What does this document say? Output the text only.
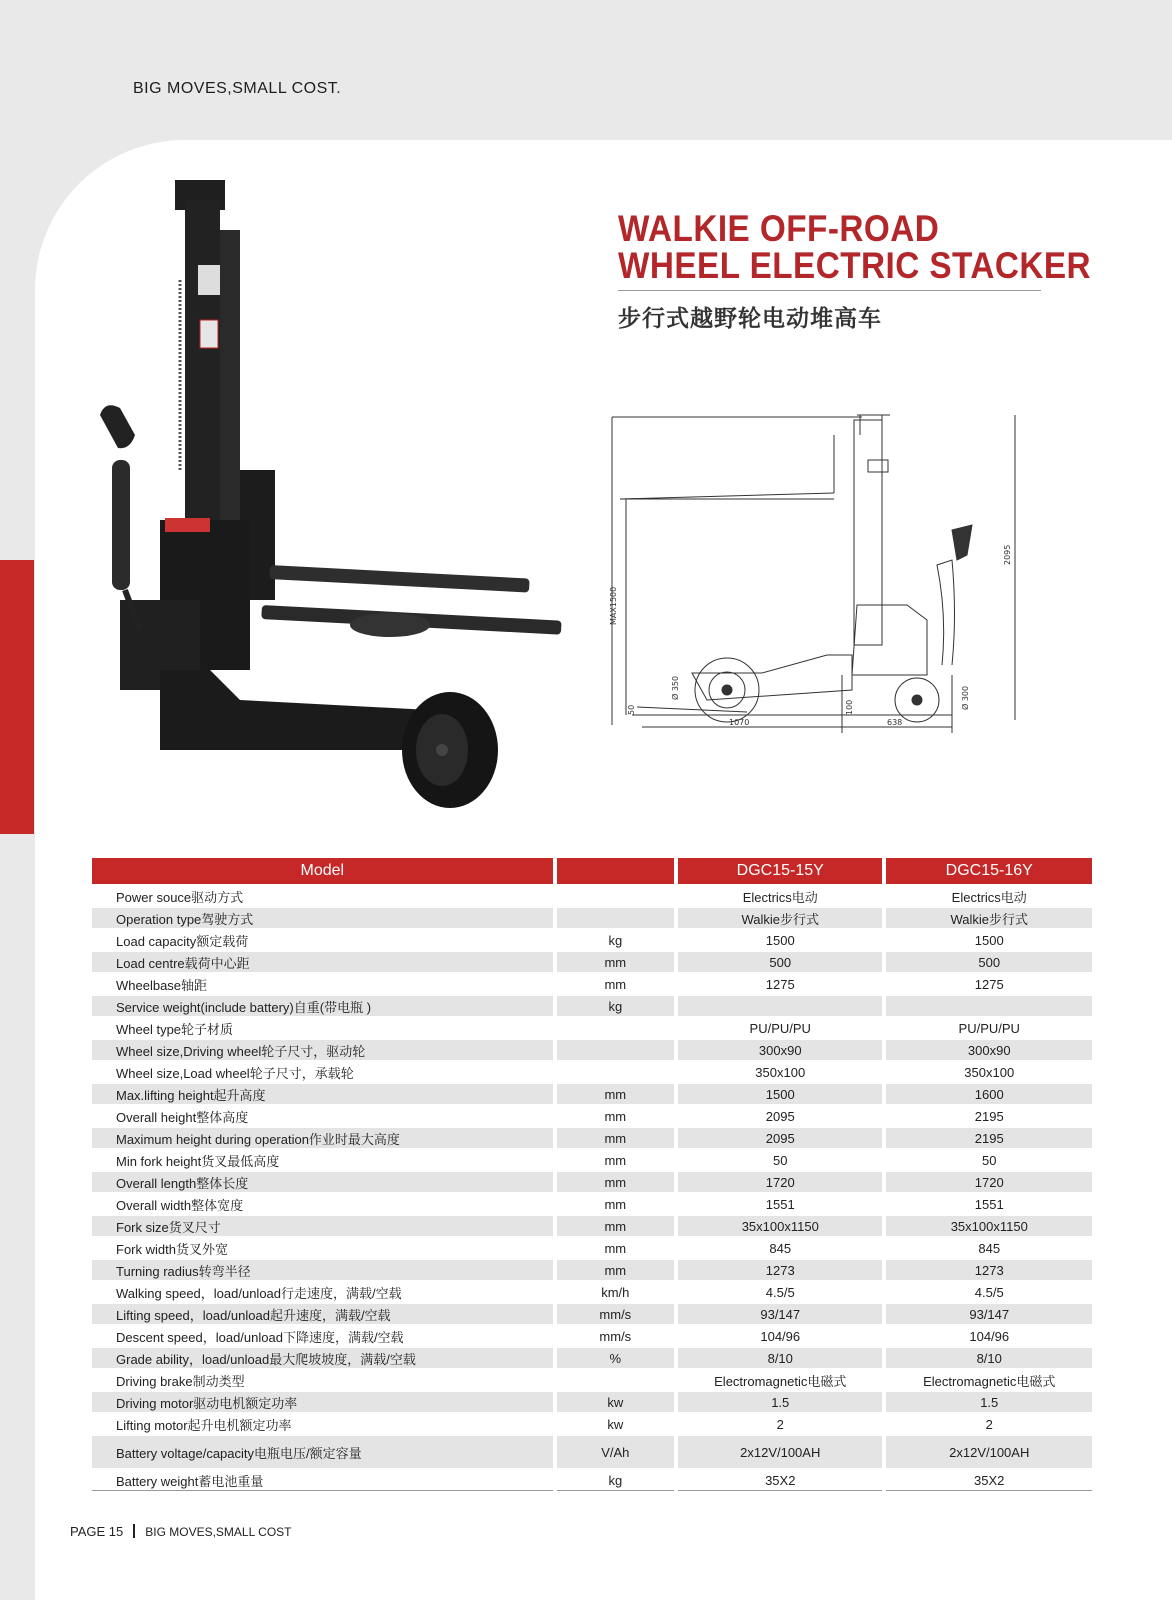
BIG MOVES,SMALL COST.
WALKIE OFF-ROAD
WHEEL ELECTRIC STACKER
步行式越野轮电动堆高车
MAX1500
2095
Ø 350	Ø 300
50	100
1070	638
Model		DGC15-15Y	DGC15-16Y
Power souce驱动方式		Electrics电动	Electrics电动
Operation type驾驶方式		Walkie步行式	Walkie步行式
Load capacity额定载荷	kg	1500	1500
Load centre载荷中心距	mm	500	500
Wheelbase轴距	mm	1275	1275
Service weight(include battery)自重(带电瓶 )	kg		
Wheel type轮子材质		PU/PU/PU	PU/PU/PU
Wheel size,Driving wheel轮子尺寸，驱动轮		300x90	300x90
Wheel size,Load wheel轮子尺寸，承载轮		350x100	350x100
Max.lifting height起升高度	mm	1500	1600
Overall height整体高度	mm	2095	2195
Maximum height during operation作业时最大高度	mm	2095	2195
Min fork height货叉最低高度	mm	50	50
Overall length整体长度	mm	1720	1720
Overall width整体宽度	mm	1551	1551
Fork size货叉尺寸	mm	35x100x1150	35x100x1150
Fork width货叉外宽	mm	845	845
Turning radius转弯半径	mm	1273	1273
Walking speed，load/unload行走速度，满载/空载	km/h	4.5/5	4.5/5
Lifting speed，load/unload起升速度，满载/空载	mm/s	93/147	93/147
Descent speed，load/unload下降速度，满载/空载	mm/s	104/96	104/96
Grade ability，load/unload最大爬坡坡度，满载/空载	%	8/10	8/10
Driving brake制动类型		Electromagnetic电磁式	Electromagnetic电磁式
Driving motor驱动电机额定功率	kw	1.5	1.5
Lifting motor起升电机额定功率	kw	2	2
Battery voltage/capacity电瓶电压/额定容量	V/Ah	2x12V/100AH	2x12V/100AH
Battery weight蓄电池重量	kg	35X2	35X2
PAGE 15 BIG MOVES,SMALL COST
